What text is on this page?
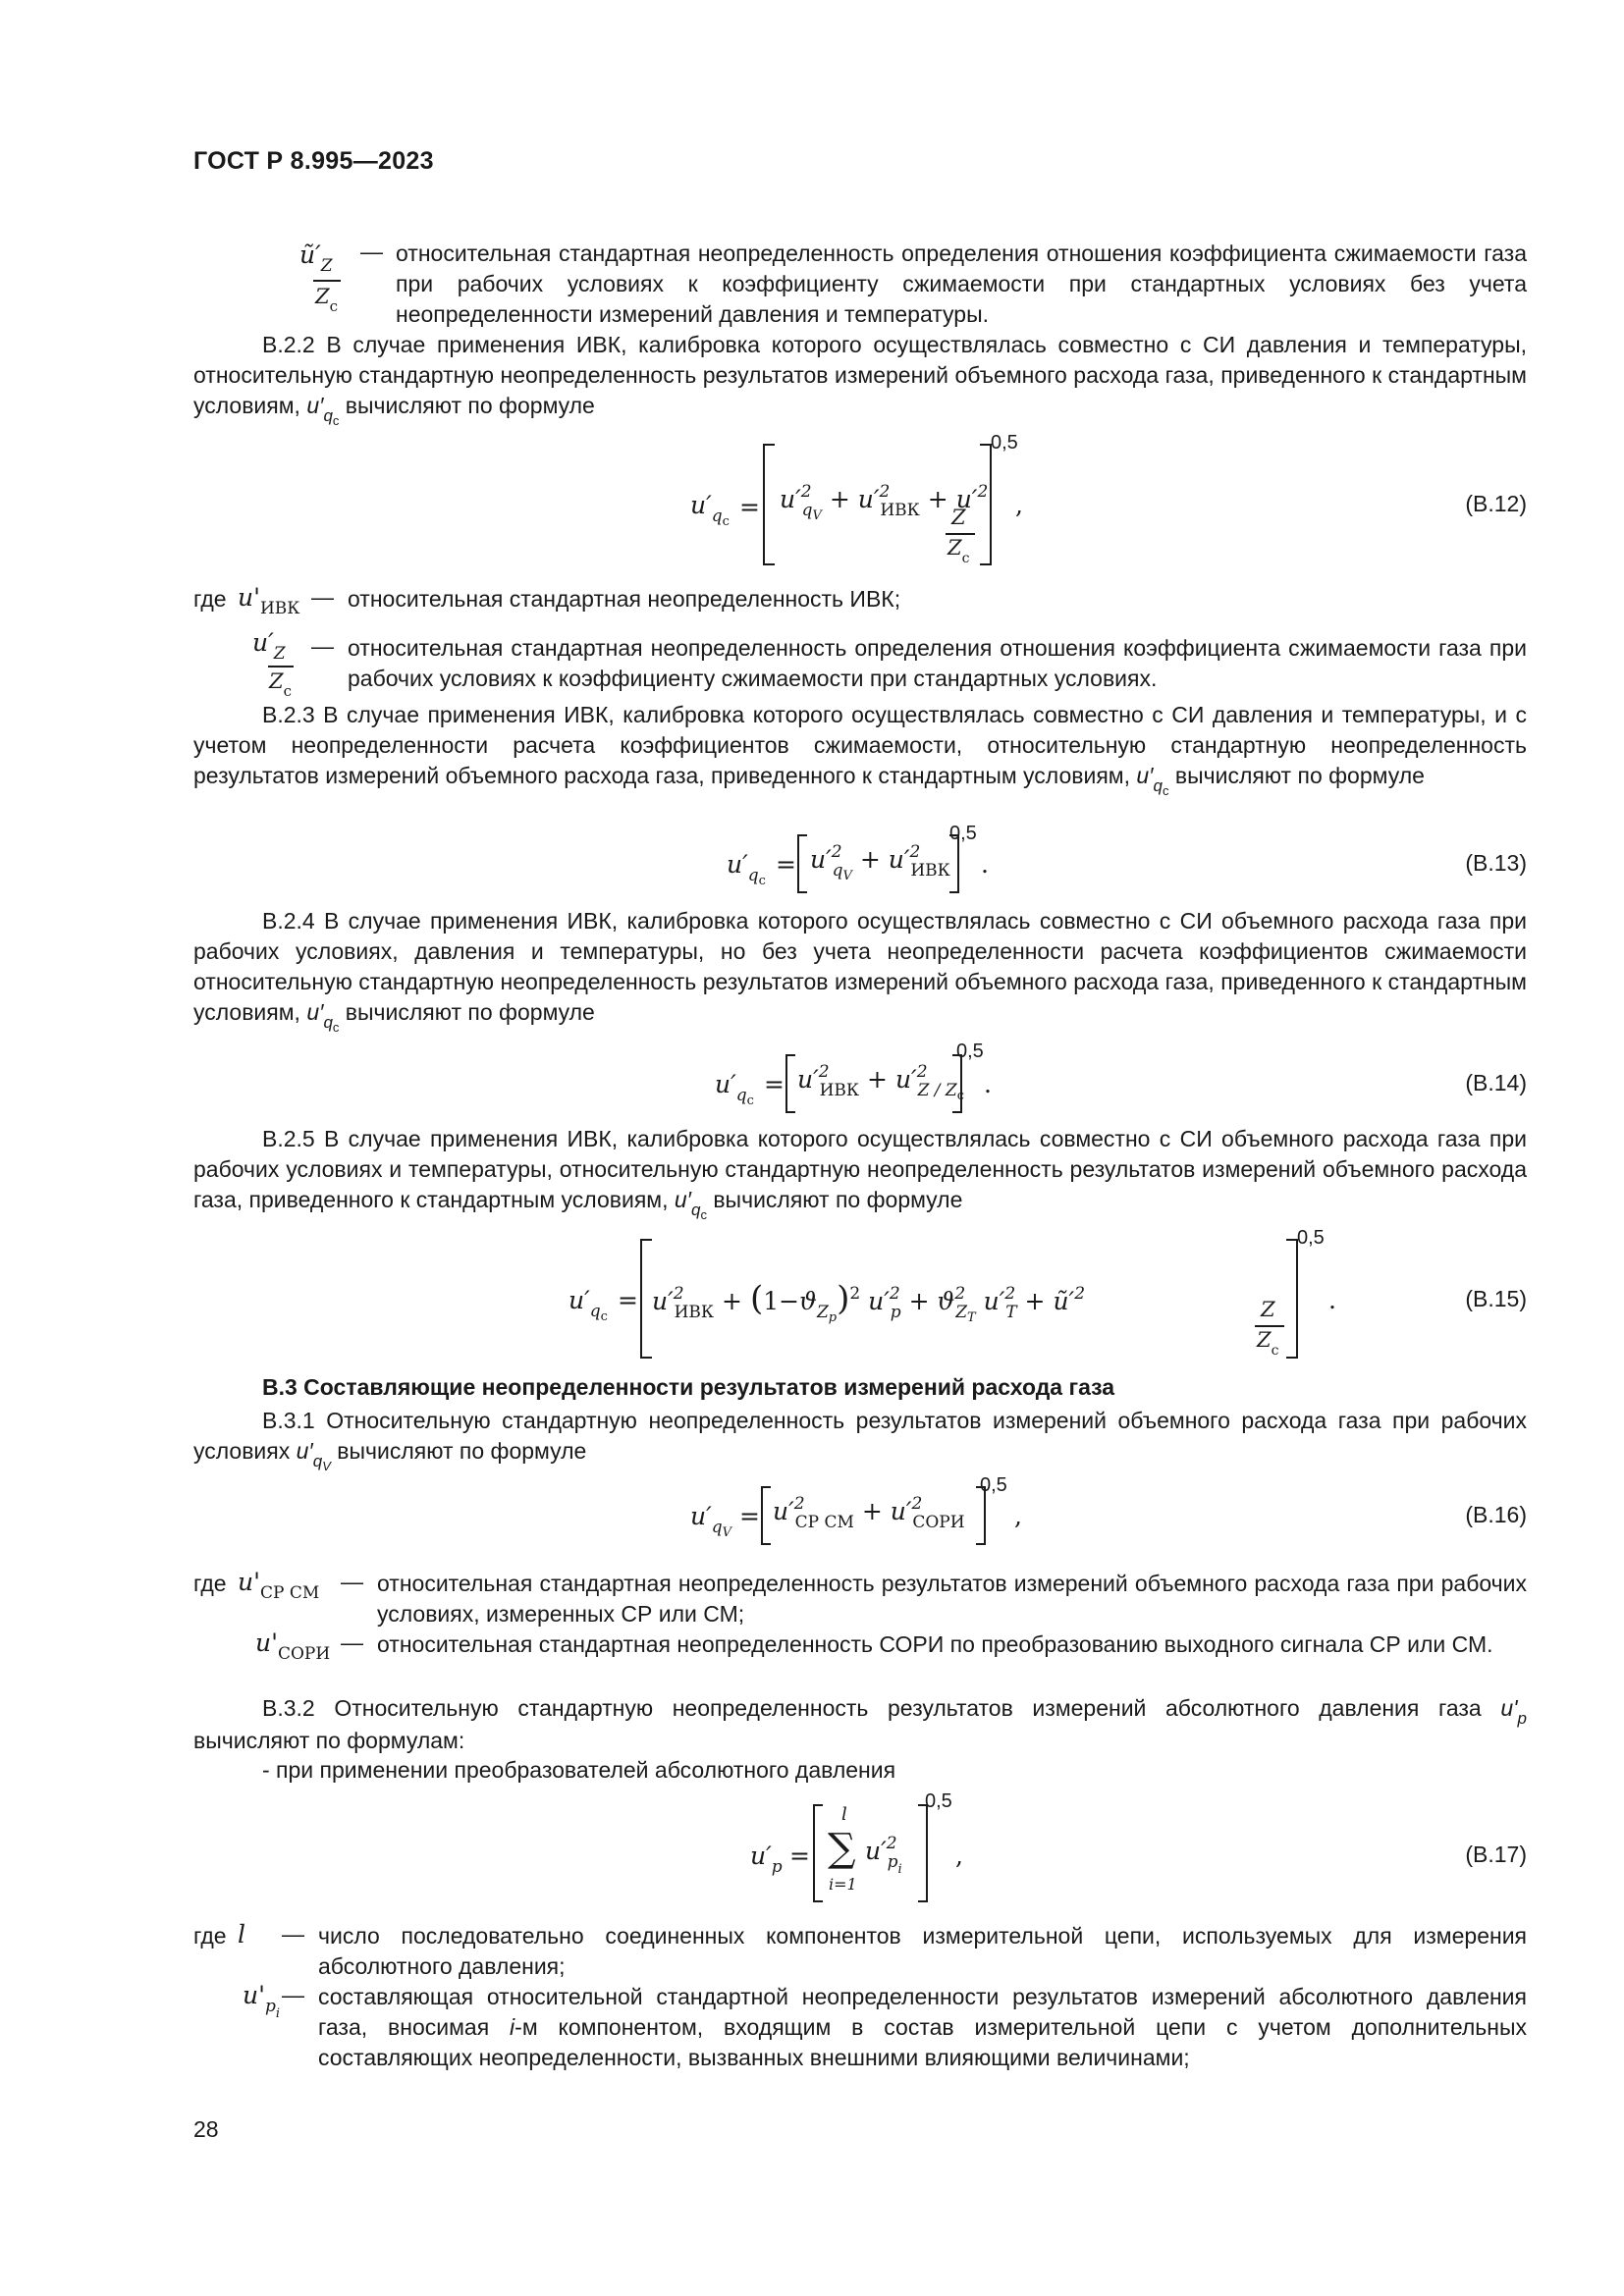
ГОСТ Р 8.995—2023
$ũ'_Z$
$Z_с$
— относительная стандартная неопределенность определения отношения коэффициента сжимаемости газа при рабочих условиях к коэффициенту сжимаемости при стандартных условиях без учета неопределенности измерений давления и температуры.
В.2.2 В случае применения ИВК, калибровка которого осуществлялась совместно с СИ давления и температуры, относительную стандартную неопределенность результатов измерений объемного расхода газа, приведенного к стандартным условиям, $u'_{qс}$ вычисляют по формуле
$u'_{qс}$
= $u'^2_{qV} + u'^2_{ИВК} + u'^2$
Z
$Z_с$
0,5
,	(В.12)
где $u'_{ИВК}$ — относительная стандартная неопределенность ИВК;
$u'_Z$
$Z_с$
— относительная стандартная неопределенность определения отношения коэффициента сжимаемости газа при рабочих условиях к коэффициенту сжимаемости при стандартных условиях.
В.2.3 В случае применения ИВК, калибровка которого осуществлялась совместно с СИ давления и температуры, и с учетом неопределенности расчета коэффициентов сжимаемости, относительную стандартную неопределенность результатов измерений объемного расхода газа, приведенного к стандартным условиям, $u'_{qс}$ вычисляют по формуле
$u'_{qс}$
= $u'^2_{qV} + u'^2_{ИВК}$
0,5
.	(В.13)
В.2.4 В случае применения ИВК, калибровка которого осуществлялась совместно с СИ объемного расхода газа при рабочих условиях, давления и температуры, но без учета неопределенности расчета коэффициентов сжимаемости относительную стандартную неопределенность результатов измерений объемного расхода газа, приведенного к стандартным условиям, $u'_{qс}$ вычисляют по формуле
$u'_{qс}$
= $u'^2_{ИВК} + u'^2_{Z / Zс}$
0,5
.	(В.14)
В.2.5 В случае применения ИВК, калибровка которого осуществлялась совместно с СИ объемного расхода газа при рабочих условиях и температуры, относительную стандартную неопределенность результатов измерений объемного расхода газа, приведенного к стандартным условиям, $u'_{qс}$ вычисляют по формуле
$u'_{qс}$
= $u'^2_{ИВК} + (1-ϑ_{Zp})^2$ $u'^2_p + ϑ^2_{ZT}$ $u'^2_T$ + $ũ'^2$
Z
$Z_с$
0,5
.	(В.15)
В.3 Составляющие неопределенности результатов измерений расхода газа
В.3.1 Относительную стандартную неопределенность результатов измерений объемного расхода газа при рабочих условиях $u'_{qV}$ вычисляют по формуле
$u'_{qV}$
= $u'^2_{СР СМ} + u'^2_{СОРИ}$
0,5
,	(В.16)
где $u'_{СР СМ}$ — относительная стандартная неопределенность результатов измерений объемного расхода газа при рабочих условиях, измеренных СР или СМ;
$u'_{СОРИ}$ — относительная стандартная неопределенность СОРИ по преобразованию выходного сигнала СР или СМ.
В.3.2 Относительную стандартную неопределенность результатов измерений абсолютного давления газа $u'_p$ вычисляют по формулам:
- при применении преобразователей абсолютного давления
$u'_p$ =
l
∑
i=1
$u'^2_{pi}$
0,5
,	(В.17)
где l — число последовательно соединенных компонентов измерительной цепи, используемых для измерения абсолютного давления;
$u'_{pi}$
— составляющая относительной стандартной неопределенности результатов измерений абсолютного давления газа, вносимая i-м компонентом, входящим в состав измерительной цепи с учетом дополнительных составляющих неопределенности, вызванных внешними влияющими величинами;
28
